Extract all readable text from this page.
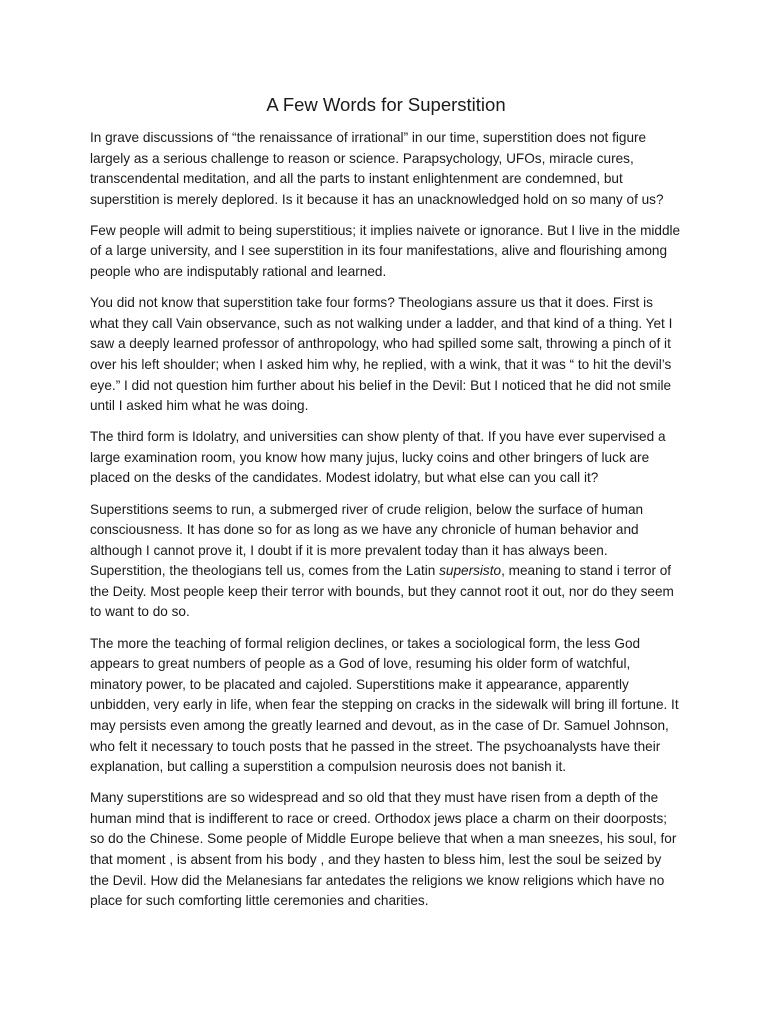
A Few Words for Superstition

In grave discussions of “the renaissance of irrational” in our time, superstition does not figure largely as a serious challenge to reason or science. Parapsychology, UFOs, miracle cures, transcendental meditation, and all the parts to instant enlightenment are condemned, but superstition is merely deplored. Is it because it has an unacknowledged hold on so many of us?

Few people will admit to being superstitious; it implies naivete or ignorance. But I live in the middle of a large university, and I see superstition in its four manifestations, alive and flourishing among people who are indisputably rational and learned.

You did not know that superstition take four forms? Theologians assure us that it does. First is what they call Vain observance, such as not walking under a ladder, and that kind of a thing. Yet I saw a deeply learned professor of anthropology, who had spilled some salt, throwing a pinch of it over his left shoulder; when I asked him why, he replied, with a wink, that it was “ to hit the devil’s eye.” I did not question him further about his belief in the Devil: But I noticed that he did not smile until I asked him what he was doing.

The third form is Idolatry, and universities can show plenty of that. If you have ever supervised a large examination room, you know how many jujus, lucky coins and other bringers of luck are placed on the desks of the candidates. Modest idolatry, but what else can you call it?

Superstitions seems to run, a submerged river of crude religion, below the surface of human consciousness. It has done so for as long as we have any chronicle of human behavior and although I cannot prove it, I doubt if it is more prevalent today than it has always been. Superstition, the theologians tell us, comes from the Latin supersisto, meaning to stand i terror of the Deity. Most people keep their terror with bounds, but they cannot root it out, nor do they seem to want to do so.

The more the teaching of formal religion declines, or takes a sociological form, the less God appears to great numbers of people as a God of love, resuming his older form of watchful, minatory power, to be placated and cajoled. Superstitions make it appearance, apparently unbidden, very early in life, when fear the stepping on cracks in the sidewalk will bring ill fortune. It may persists even among the greatly learned and devout, as in the case of Dr. Samuel Johnson, who felt it necessary to touch posts that he passed in the street. The psychoanalysts have their explanation, but calling a superstition a compulsion neurosis does not banish it.

Many superstitions are so widespread and so old that they must have risen from a depth of the human mind that is indifferent to race or creed. Orthodox jews place a charm on their doorposts; so do the Chinese. Some people of Middle Europe believe that when a man sneezes, his soul, for that moment , is absent from his body , and they hasten to bless him, lest the soul be seized by the Devil. How did the Melanesians far antedates the religions we know religions which have no place for such comforting little ceremonies and charities.
